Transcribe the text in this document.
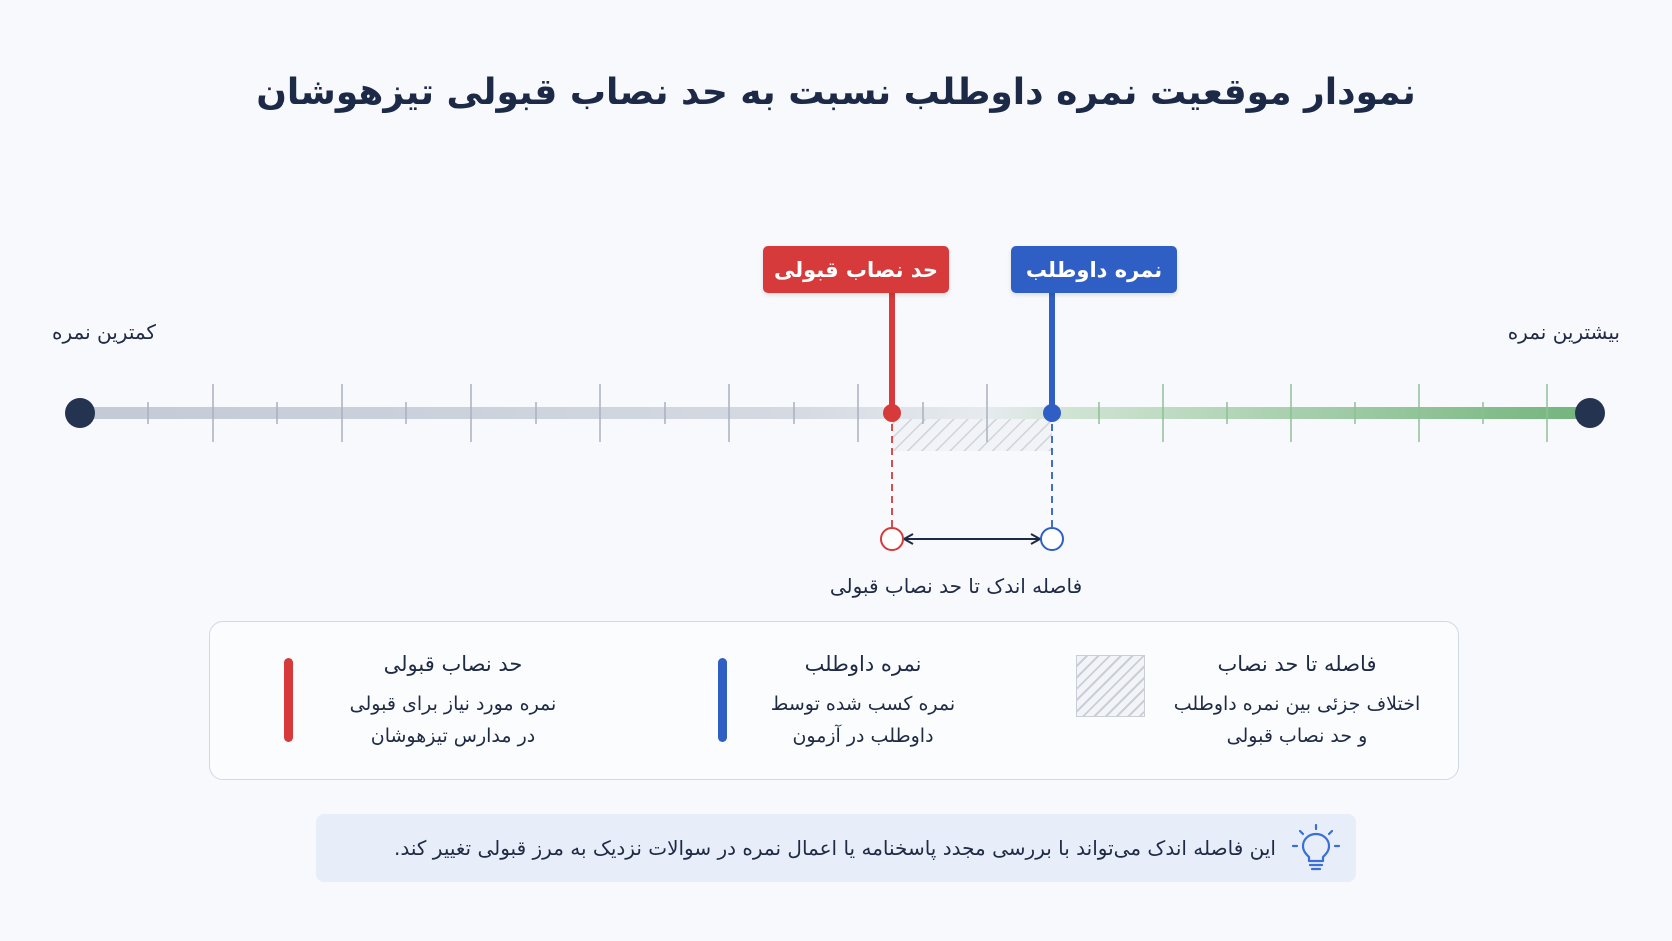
نمودار موقعیت نمره داوطلب نسبت به حد نصاب قبولی تیزهوشان
کمترین نمره	بیشترین نمره
حد نصاب قبولی	نمره داوطلب
فاصله اندک تا حد نصاب قبولی
حد نصاب قبولی

نمره مورد نیاز برای قبولی

در مدارس تیزهوشان

نمره داوطلب

نمره کسب شده توسط

داوطلب در آزمون

فاصله تا حد نصاب

اختلاف جزئی بین نمره داوطلب

و حد نصاب قبولی

این فاصله اندک می‌تواند با بررسی مجدد پاسخنامه یا اعمال نمره در سوالات نزدیک به مرز قبولی تغییر کند.
